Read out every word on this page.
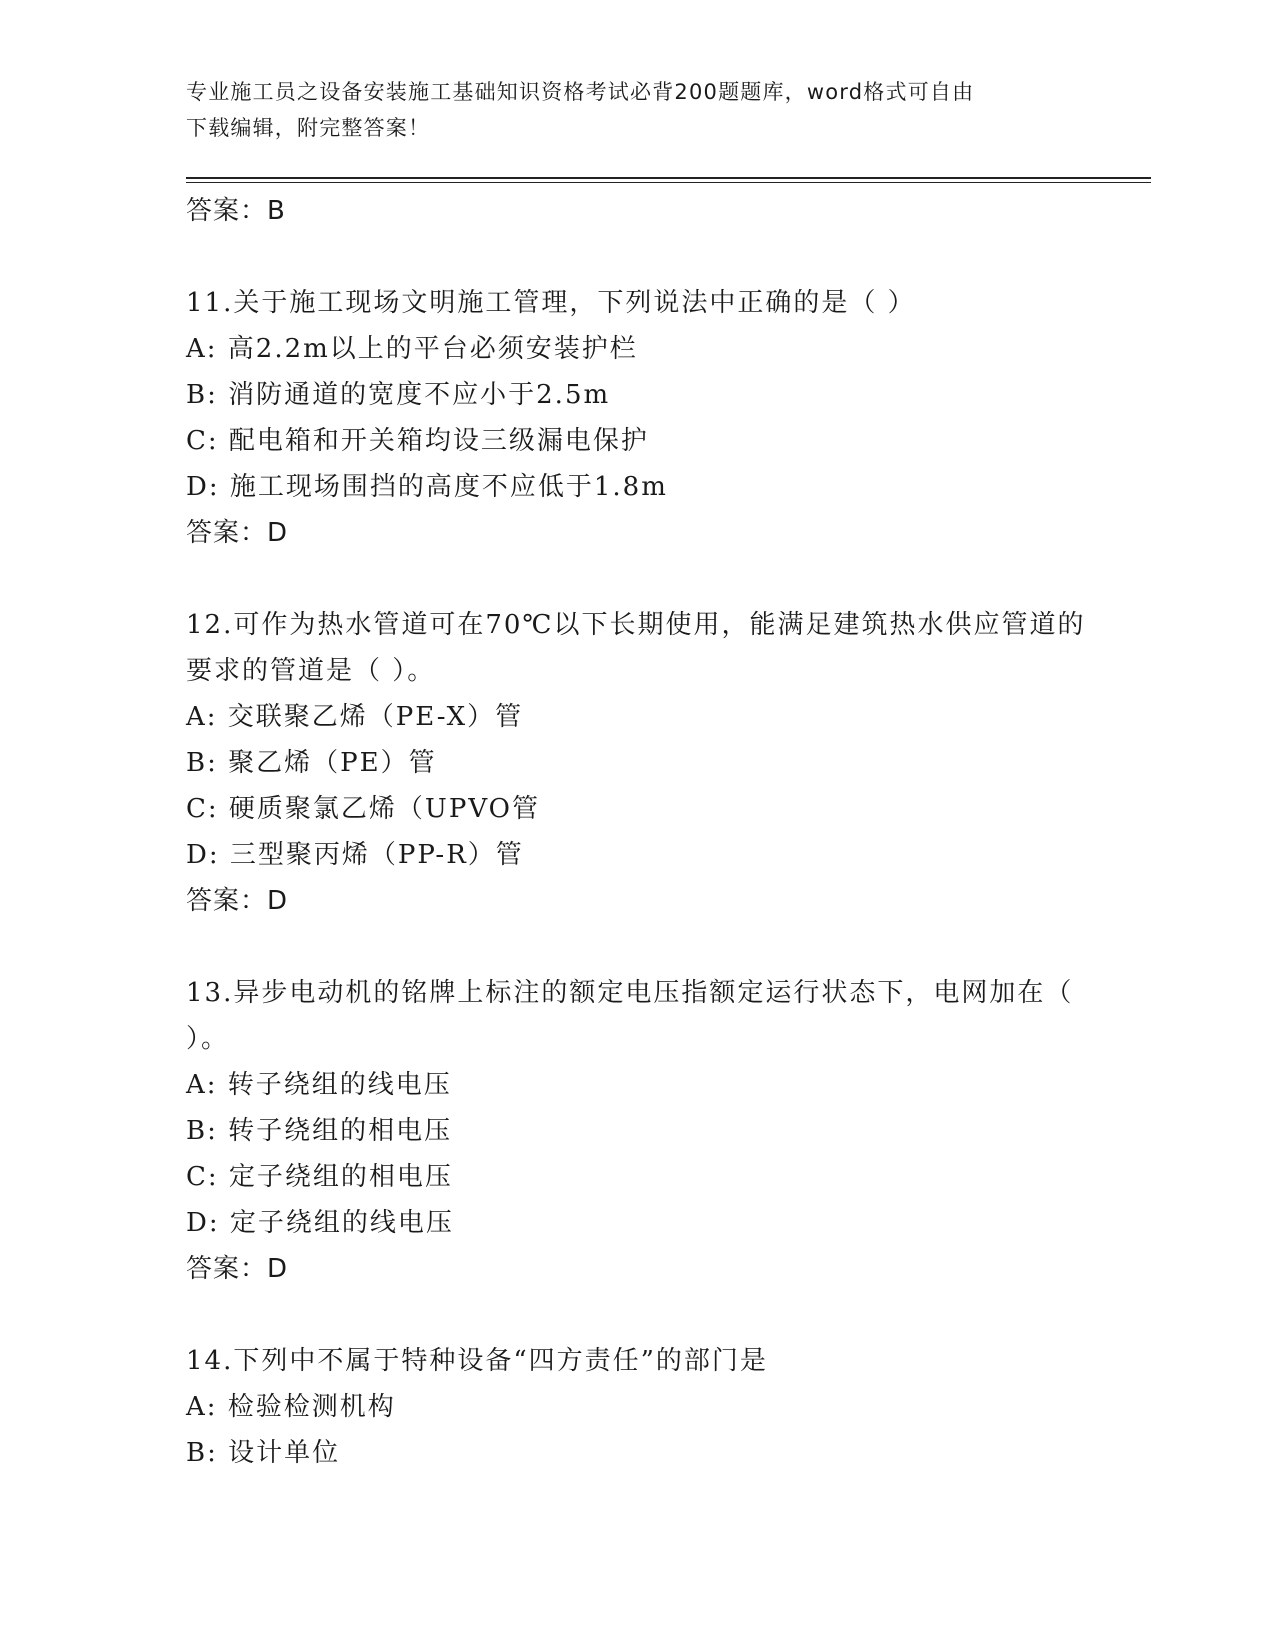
专业施工员之设备安装施工基础知识资格考试必背200题题库，word格式可自由
下载编辑，附完整答案！
答案：B

11.关于施工现场文明施工管理，下列说法中正确的是（ ）

A: 高2.2m以上的平台必须安装护栏
B: 消防通道的宽度不应小于2.5m
C: 配电箱和开关箱均设三级漏电保护
D: 施工现场围挡的高度不应低于1.8m
答案：D

12.可作为热水管道可在70℃以下长期使用，能满足建筑热水供应管道的要求的管道是（ ）。

A: 交联聚乙烯（PE-X）管
B: 聚乙烯（PE）管
C: 硬质聚氯乙烯（UPVO管
D: 三型聚丙烯（PP-R）管
答案：D

13.异步电动机的铭牌上标注的额定电压指额定运行状态下，电网加在（ ）。

A: 转子绕组的线电压
B: 转子绕组的相电压
C: 定子绕组的相电压
D: 定子绕组的线电压
答案：D

14.下列中不属于特种设备“四方责任”的部门是

A: 检验检测机构
B: 设计单位
